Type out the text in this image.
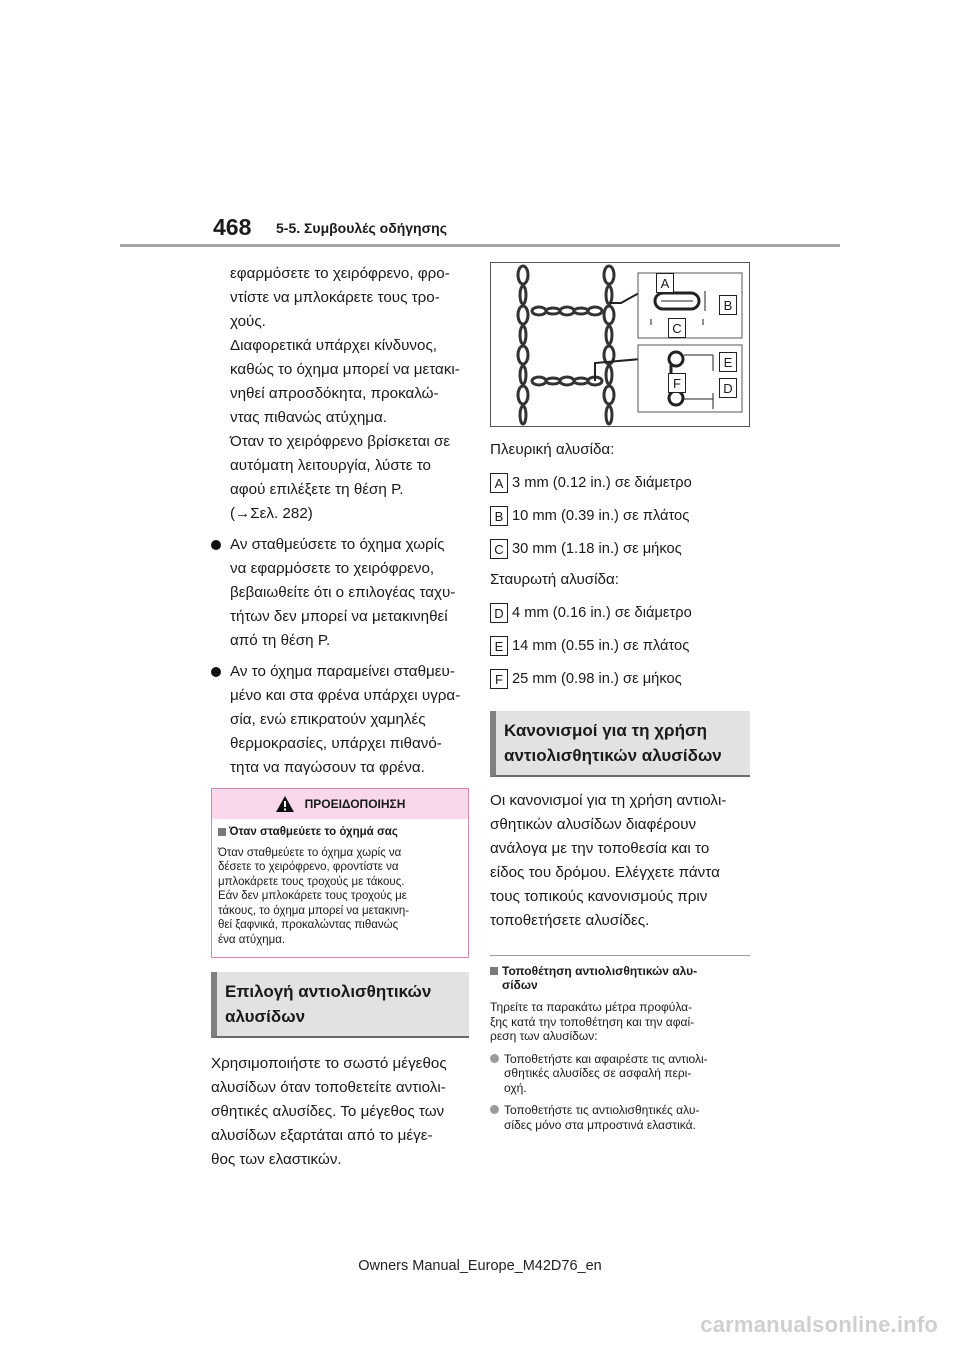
468 5-5. Συμβουλές οδήγησης
εφαρμόσετε το χειρόφρενο, φρο-
ντίστε να μπλοκάρετε τους τρο-
χούς.
Διαφορετικά υπάρχει κίνδυνος,
καθώς το όχημα μπορεί να μετακι-
νηθεί απροσδόκητα, προκαλώ-
ντας πιθανώς ατύχημα.
Όταν το χειρόφρενο βρίσκεται σε
αυτόματη λειτουργία, λύστε το
αφού επιλέξετε τη θέση P.
(→Σελ. 282)
Αν σταθμεύσετε το όχημα χωρίς
να εφαρμόσετε το χειρόφρενο,
βεβαιωθείτε ότι ο επιλογέας ταχυ-
τήτων δεν μπορεί να μετακινηθεί
από τη θέση P.
Αν το όχημα παραμείνει σταθμευ-
μένο και στα φρένα υπάρχει υγρα-
σία, ενώ επικρατούν χαμηλές
θερμοκρασίες, υπάρχει πιθανό-
τητα να παγώσουν τα φρένα.
ΠΡΟΕΙΔΟΠΟΙΗΣΗ
Όταν σταθμεύετε το όχημά σας
Όταν σταθμεύετε το όχημα χωρίς να
δέσετε το χειρόφρενο, φροντίστε να
μπλοκάρετε τους τροχούς με τάκους.
Εάν δεν μπλοκάρετε τους τροχούς με
τάκους, το όχημα μπορεί να μετακινη-
θεί ξαφνικά, προκαλώντας πιθανώς
ένα ατύχημα.
Επιλογή αντιολισθητικών
αλυσίδων
Χρησιμοποιήστε το σωστό μέγεθος
αλυσίδων όταν τοποθετείτε αντιολι-
σθητικές αλυσίδες. Το μέγεθος των
αλυσίδων εξαρτάται από το μέγε-
θος των ελαστικών.
A
B
C
E
F	D
Πλευρική αλυσίδα:
A 3 mm (0.12 in.) σε διάμετρο
B 10 mm (0.39 in.) σε πλάτος
C 30 mm (1.18 in.) σε μήκος
Σταυρωτή αλυσίδα:
D 4 mm (0.16 in.) σε διάμετρο
E 14 mm (0.55 in.) σε πλάτος
F 25 mm (0.98 in.) σε μήκος
Κανονισμοί για τη χρήση
αντιολισθητικών αλυσίδων
Οι κανονισμοί για τη χρήση αντιολι-
σθητικών αλυσίδων διαφέρουν
ανάλογα με την τοποθεσία και το
είδος του δρόμου. Ελέγχετε πάντα
τους τοπικούς κανονισμούς πριν
τοποθετήσετε αλυσίδες.
Τοποθέτηση αντιολισθητικών αλυ-
σίδων
Τηρείτε τα παρακάτω μέτρα προφύλα-
ξης κατά την τοποθέτηση και την αφαί-
ρεση των αλυσίδων:
Τοποθετήστε και αφαιρέστε τις αντιολι-
σθητικές αλυσίδες σε ασφαλή περι-
οχή.
Τοποθετήστε τις αντιολισθητικές αλυ-
σίδες μόνο στα μπροστινά ελαστικά.
Owners Manual_Europe_M42D76_en
carmanualsonline.info
